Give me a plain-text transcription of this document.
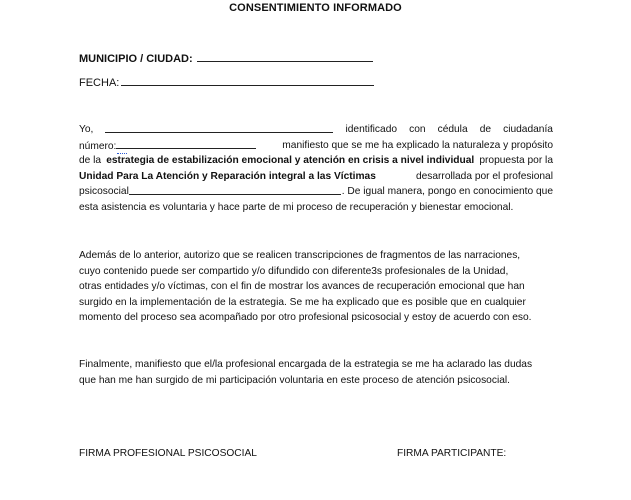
CONSENTIMIENTO INFORMADO
MUNICIPIO / CIUDAD:
FECHA:
Yo,	identificado con cédula de ciudadanía
número:	manifiesto que se me ha explicado la naturaleza y propósito
de la estrategia de estabilización emocional y atención en crisis a nivel individual propuesta por la
Unidad Para La Atención y Reparación integral a las Víctimas	desarrollada por el profesional
psicosocial	. De igual manera, pongo en conocimiento que
esta asistencia es voluntaria y hace parte de mi proceso de recuperación y bienestar emocional.
Además de lo anterior, autorizo que se realicen transcripciones de fragmentos de las narraciones,
cuyo contenido puede ser compartido y/o difundido con diferente3s profesionales de la Unidad,
otras entidades y/o víctimas, con el fin de mostrar los avances de recuperación emocional que han
surgido en la implementación de la estrategia. Se me ha explicado que es posible que en cualquier
momento del proceso sea acompañado por otro profesional psicosocial y estoy de acuerdo con eso.
Finalmente, manifiesto que el/la profesional encargada de la estrategia se me ha aclarado las dudas
que han me han surgido de mi participación voluntaria en este proceso de atención psicosocial.
FIRMA PROFESIONAL PSICOSOCIAL	FIRMA PARTICIPANTE:
